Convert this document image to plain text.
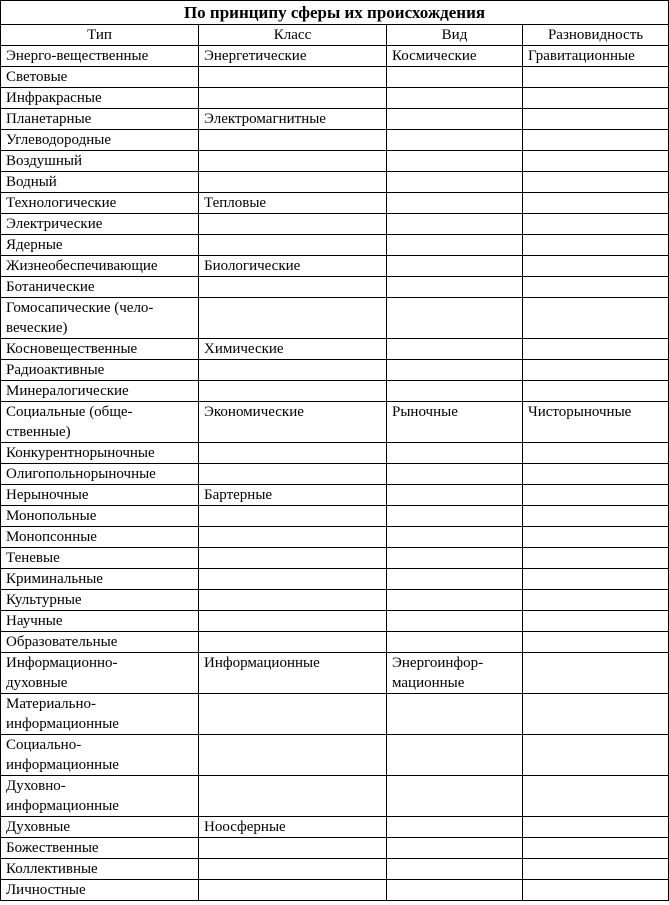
По принципу сферы их происхождения			
Тип	Класс	Вид	Разновидность
Энерго-вещественные	Энергетические	Космические	Гравитационные
Световые			
Инфракрасные			
Планетарные	Электромагнитные		
Углеводородные			
Воздушный			
Водный			
Технологические	Тепловые		
Электрические			
Ядерные			
Жизнеобеспечивающие	Биологические		
Ботанические			
Гомосапические (чело-
веческие)			
Косновещественные	Химические		
Радиоактивные			
Минералогические			
Социальные (обще-
ственные)	Экономические	Рыночные	Чисторыночные
Конкурентнорыночные			
Олигопольнорыночные			
Нерыночные	Бартерные		
Монопольные			
Монопсонные			
Теневые			
Криминальные			
Культурные			
Научные			
Образовательные			
Информационно-
духовные	Информационные	Энергоинфор-
мационные	
Материально-
информационные			
Социально-
информационные			
Духовно-
информационные			
Духовные	Ноосферные		
Божественные			
Коллективные			
Личностные			
